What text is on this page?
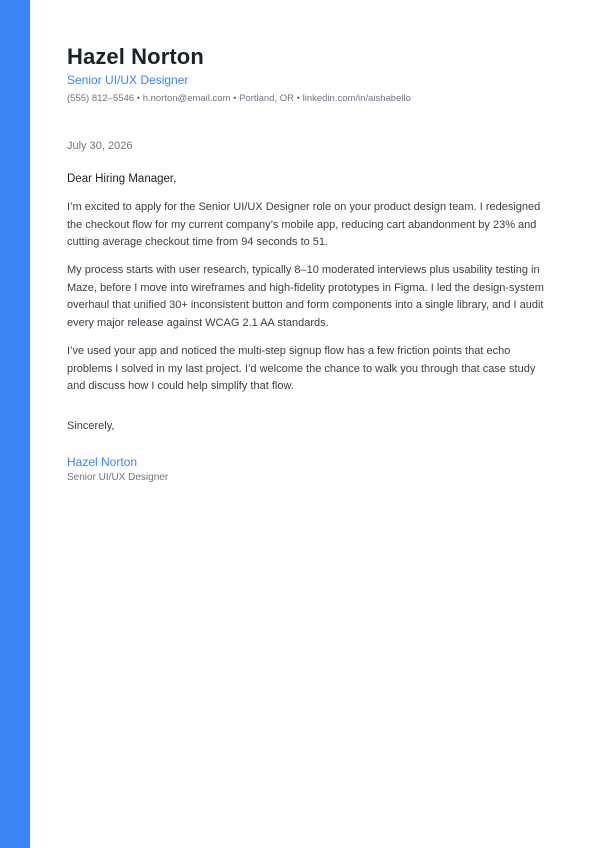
Hazel Norton
Senior UI/UX Designer
(555) 812–5546 • h.norton@email.com • Portland, OR • linkedin.com/in/aishabello
July 30, 2026
Dear Hiring Manager,

I’m excited to apply for the Senior UI/UX Designer role on your product design team. I redesigned the checkout flow for my current company’s mobile app, reducing cart abandonment by 23% and cutting average checkout time from 94 seconds to 51.

My process starts with user research, typically 8–10 moderated interviews plus usability testing in Maze, before I move into wireframes and high-fidelity prototypes in Figma. I led the design-system overhaul that unified 30+ inconsistent button and form components into a single library, and I audit every major release against WCAG 2.1 AA standards.

I’ve used your app and noticed the multi-step signup flow has a few friction points that echo problems I solved in my last project. I’d welcome the chance to walk you through that case study and discuss how I could help simplify that flow.

Sincerely,
Hazel Norton
Senior UI/UX Designer
